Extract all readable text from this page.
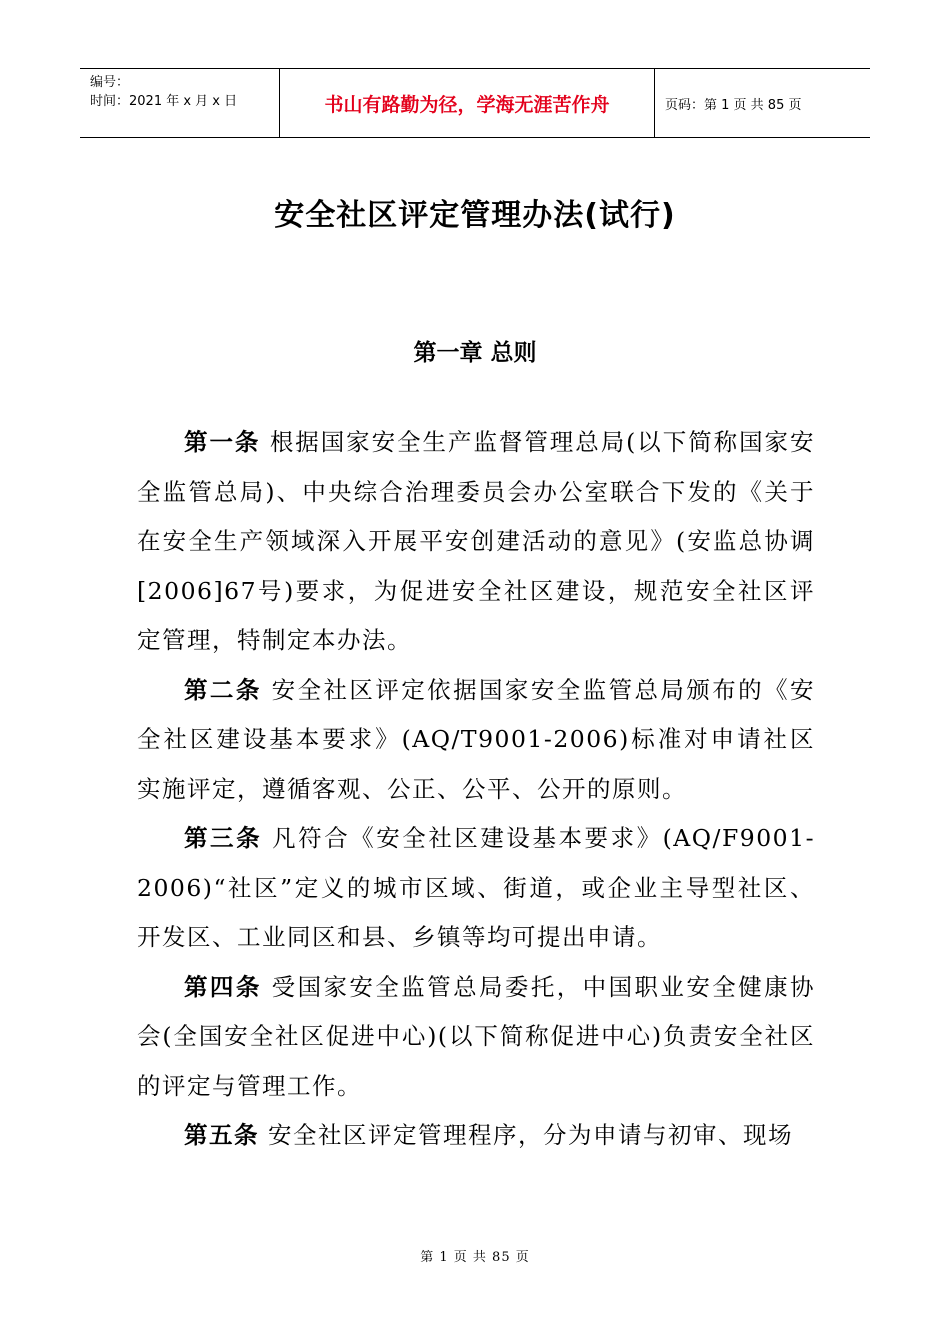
编号：
时间：2021 年 x 月 x 日	书山有路勤为径，学海无涯苦作舟	页码：第 1 页 共 85 页
安全社区评定管理办法(试行)
第一章 总则

第一条 根据国家安全生产监督管理总局(以下简称国家安全监管总局)、中央综合治理委员会办公室联合下发的《关于在安全生产领域深入开展平安创建活动的意见》(安监总协调[2006]67号)要求，为促进安全社区建设，规范安全社区评定管理，特制定本办法。

第二条 安全社区评定依据国家安全监管总局颁布的《安全社区建设基本要求》(AQ/T9001-2006)标准对申请社区实施评定，遵循客观、公正、公平、公开的原则。

第三条 凡符合《安全社区建设基本要求》(AQ/F9001-2006)“社区”定义的城市区域、街道，或企业主导型社区、开发区、工业同区和县、乡镇等均可提出申请。

第四条 受国家安全监管总局委托，中国职业安全健康协会(全国安全社区促进中心)(以下简称促进中心)负责安全社区的评定与管理工作。

第五条 安全社区评定管理程序，分为申请与初审、现场

第 1 页 共 85 页
